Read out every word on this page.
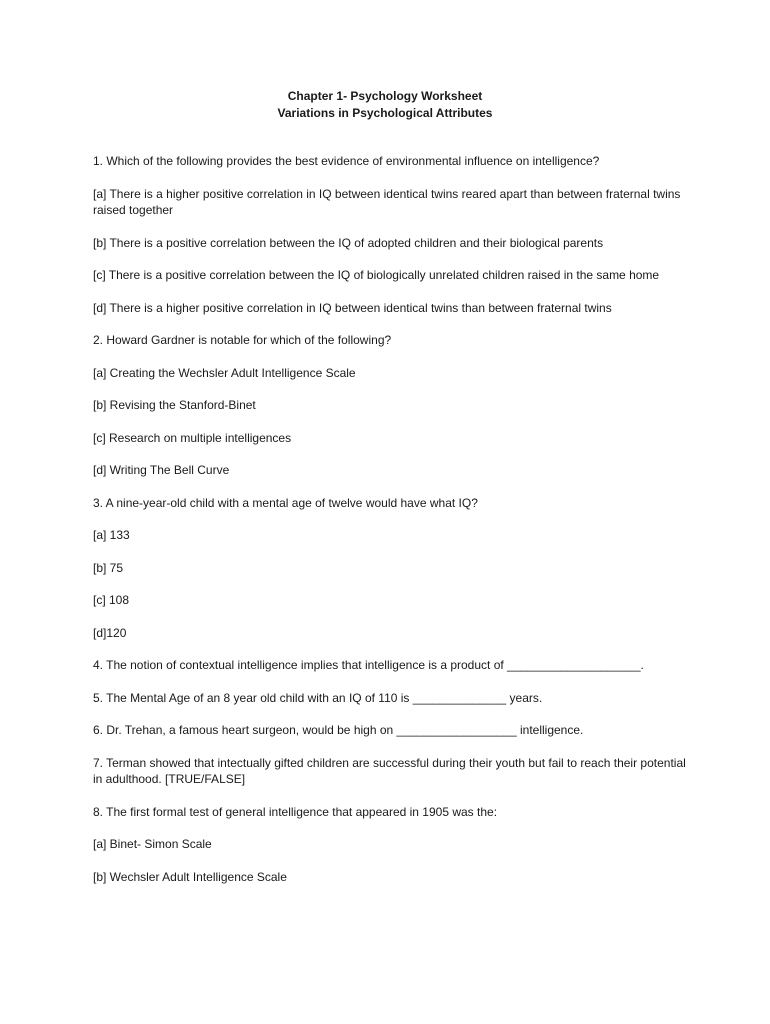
Chapter 1- Psychology Worksheet
Variations in Psychological Attributes

1. Which of the following provides the best evidence of environmental influence on intelligence?

[a] There is a higher positive correlation in IQ between identical twins reared apart than between fraternal twins raised together

[b] There is a positive correlation between the IQ of adopted children and their biological parents

[c] There is a positive correlation between the IQ of biologically unrelated children raised in the same home

[d] There is a higher positive correlation in IQ between identical twins than between fraternal twins

2. Howard Gardner is notable for which of the following?

[a] Creating the Wechsler Adult Intelligence Scale

[b] Revising the Stanford-Binet

[c] Research on multiple intelligences

[d] Writing The Bell Curve

3. A nine-year-old child with a mental age of twelve would have what IQ?

[a] 133

[b] 75

[c] 108

[d]120

4. The notion of contextual intelligence implies that intelligence is a product of ____________________.

5. The Mental Age of an 8 year old child with an IQ of 110 is ______________ years.

6. Dr. Trehan, a famous heart surgeon, would be high on __________________ intelligence.

7. Terman showed that intectually gifted children are successful during their youth but fail to reach their potential in adulthood. [TRUE/FALSE]

8. The first formal test of general intelligence that appeared in 1905 was the:

[a] Binet- Simon Scale

[b] Wechsler Adult Intelligence Scale
